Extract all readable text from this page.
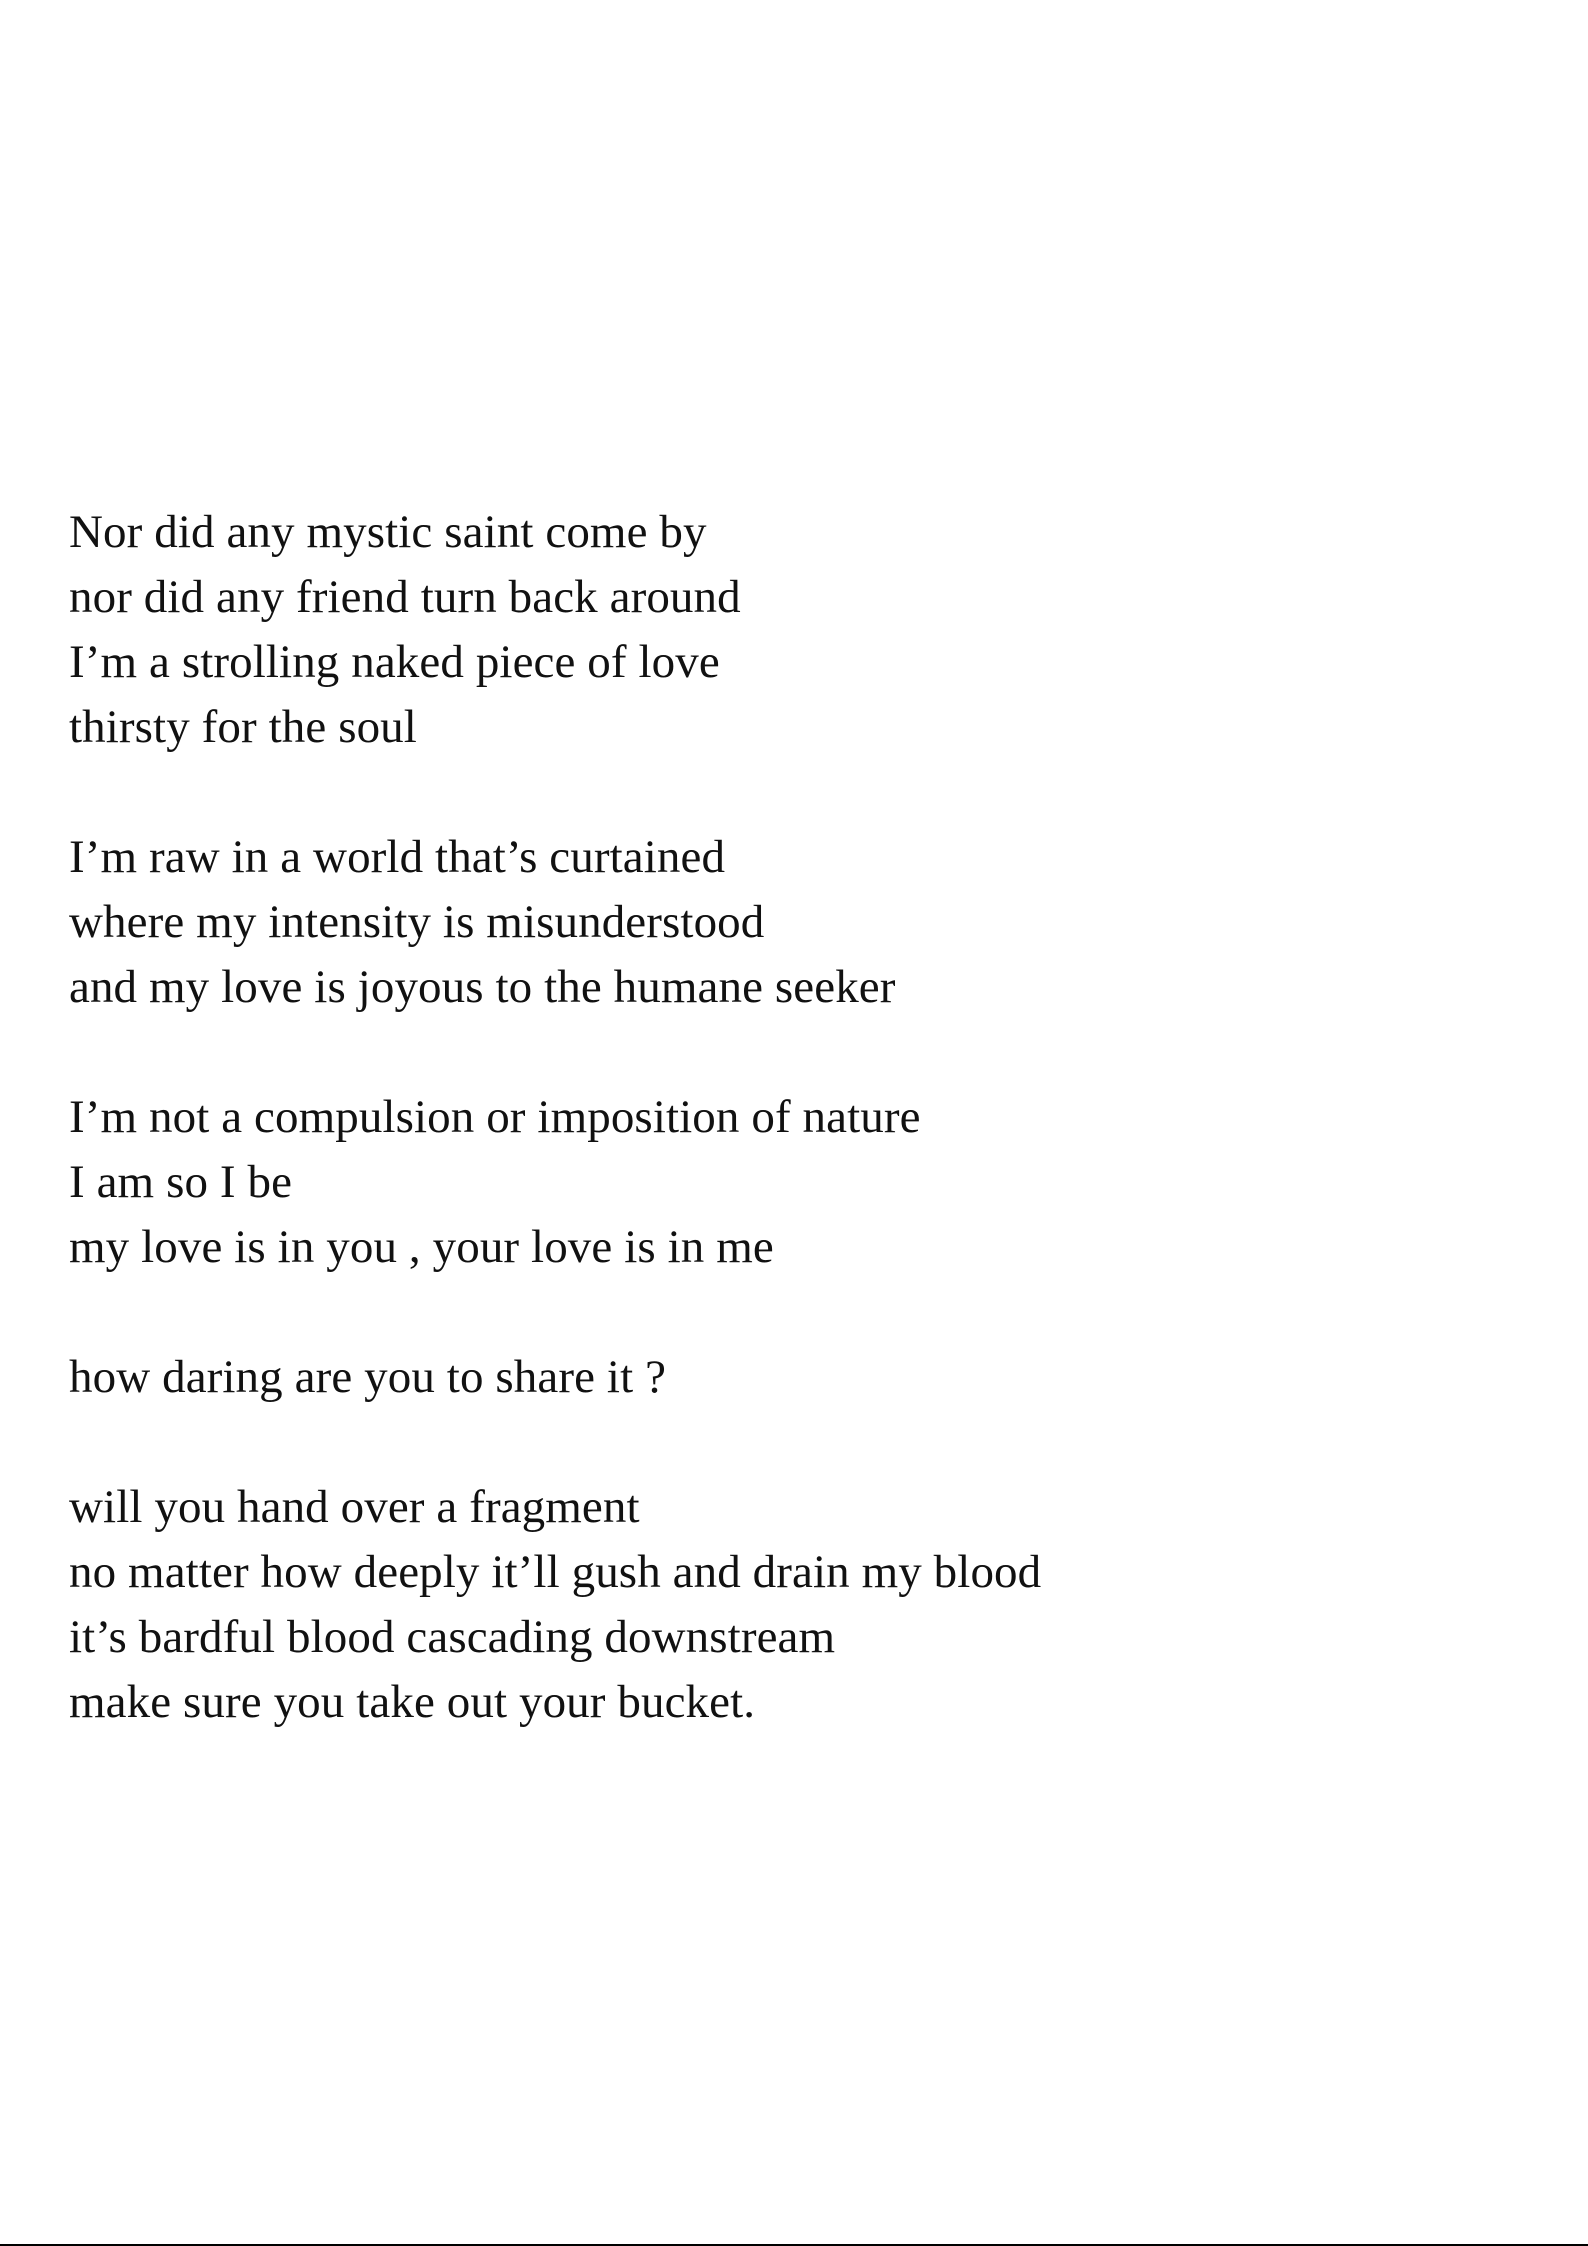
Nor did any mystic saint come by
nor did any friend turn back around
I’m a strolling naked piece of love
thirsty for the soul
I’m raw in a world that’s curtained
where my intensity is misunderstood
and my love is joyous to the humane seeker
I’m not a compulsion or imposition of nature
I am so I be
my love is in you , your love is in me
how daring are you to share it ?
will you hand over a fragment
no matter how deeply it’ll gush and drain my blood
it’s bardful blood cascading downstream
make sure you take out your bucket.
